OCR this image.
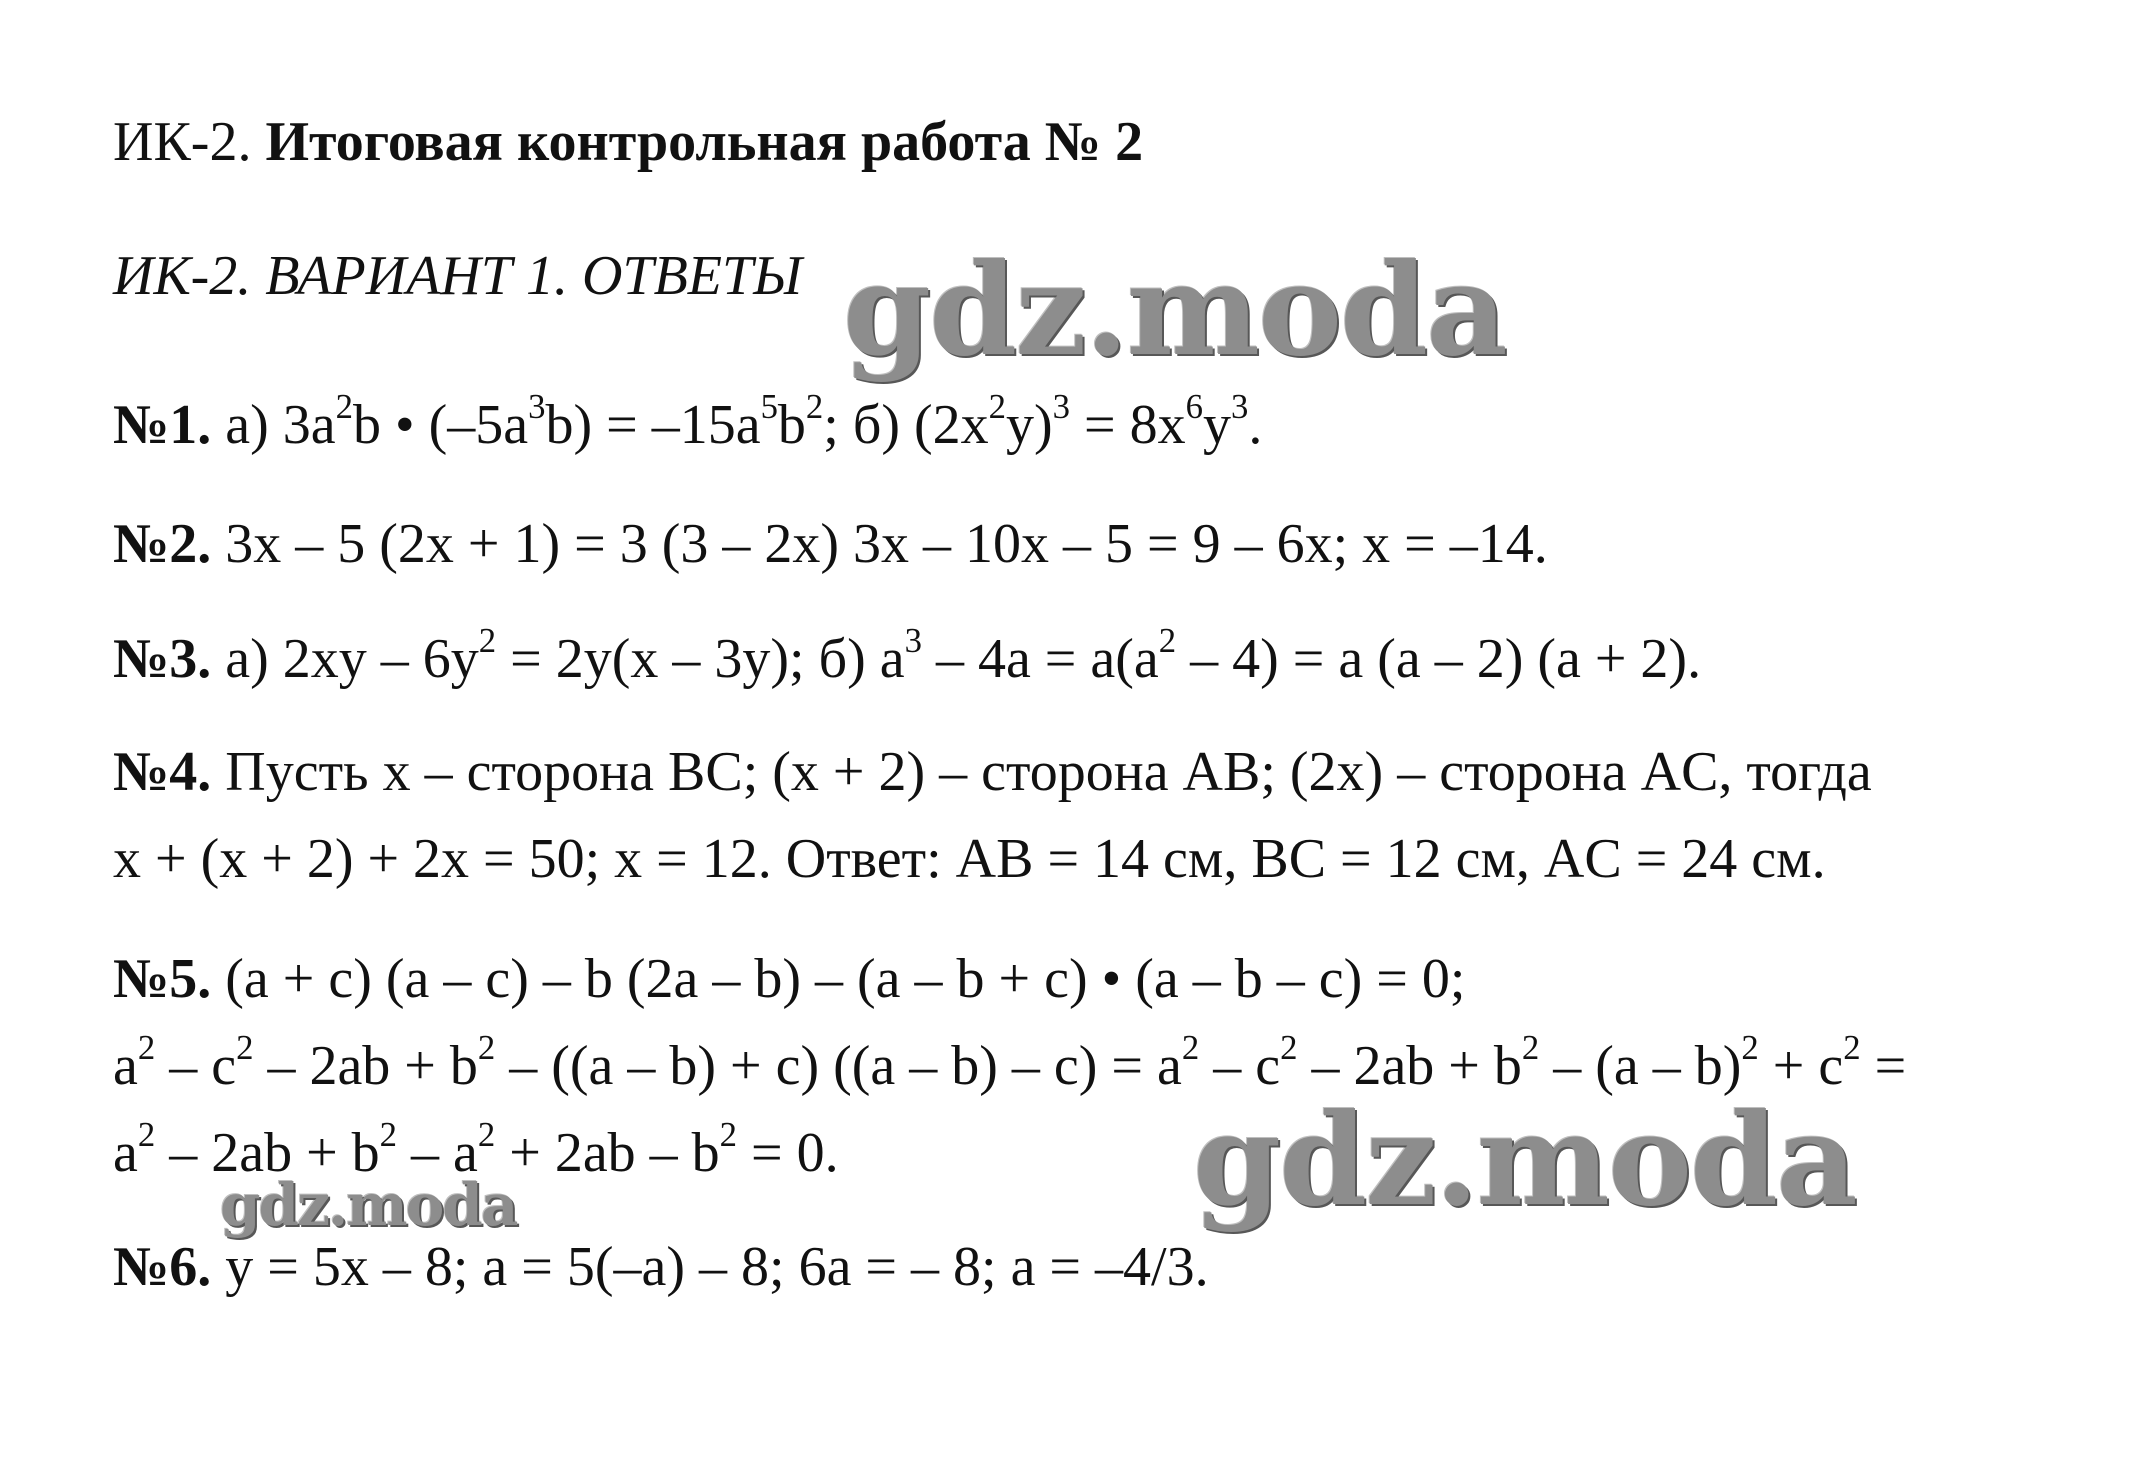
ИК-2. Итоговая контрольная работа № 2
ИК-2. ВАРИАНТ 1. ОТВЕТЫ
№1. а) $3a^2b$ • $(-5a^3b) = -15a^5b^2$; б) $(2x^2y)^3 = 8x^6y^3$.
№2. 3x – 5 (2x + 1) = 3 (3 – 2x) 3x – 10x – 5 = 9 – 6x; x = –14.
№3. а) $2xy - 6y^2 = 2y(x - 3y)$; б) $a^3 - 4a = a(a^2 - 4) = a$ (a – 2) (a + 2).
№4. Пусть x – сторона BC; (x + 2) – сторона AB; (2x) – сторона AC, тогда
x + (x + 2) + 2x = 50; x = 12. Ответ: AB = 14 см, BC = 12 см, AC = 24 см.
№5. (a + c) (a – c) – b (2a – b) – (a – b + c) • (a – b – c) = 0;
$a^2 - c^2 - 2ab + b^2 - ((a - b) + c)$ $((a - b) - c) = a^2 - c^2 - 2ab + b^2 - (a - b)^2 + c^2$ =
$a^2 - 2ab + b^2 - a^2 + 2ab - b^2 = 0$.
№6. y = 5x – 8; a = 5(–a) – 8; 6a = – 8; a = –4/3.
gdz.moda
gdz.moda
gdz.moda
